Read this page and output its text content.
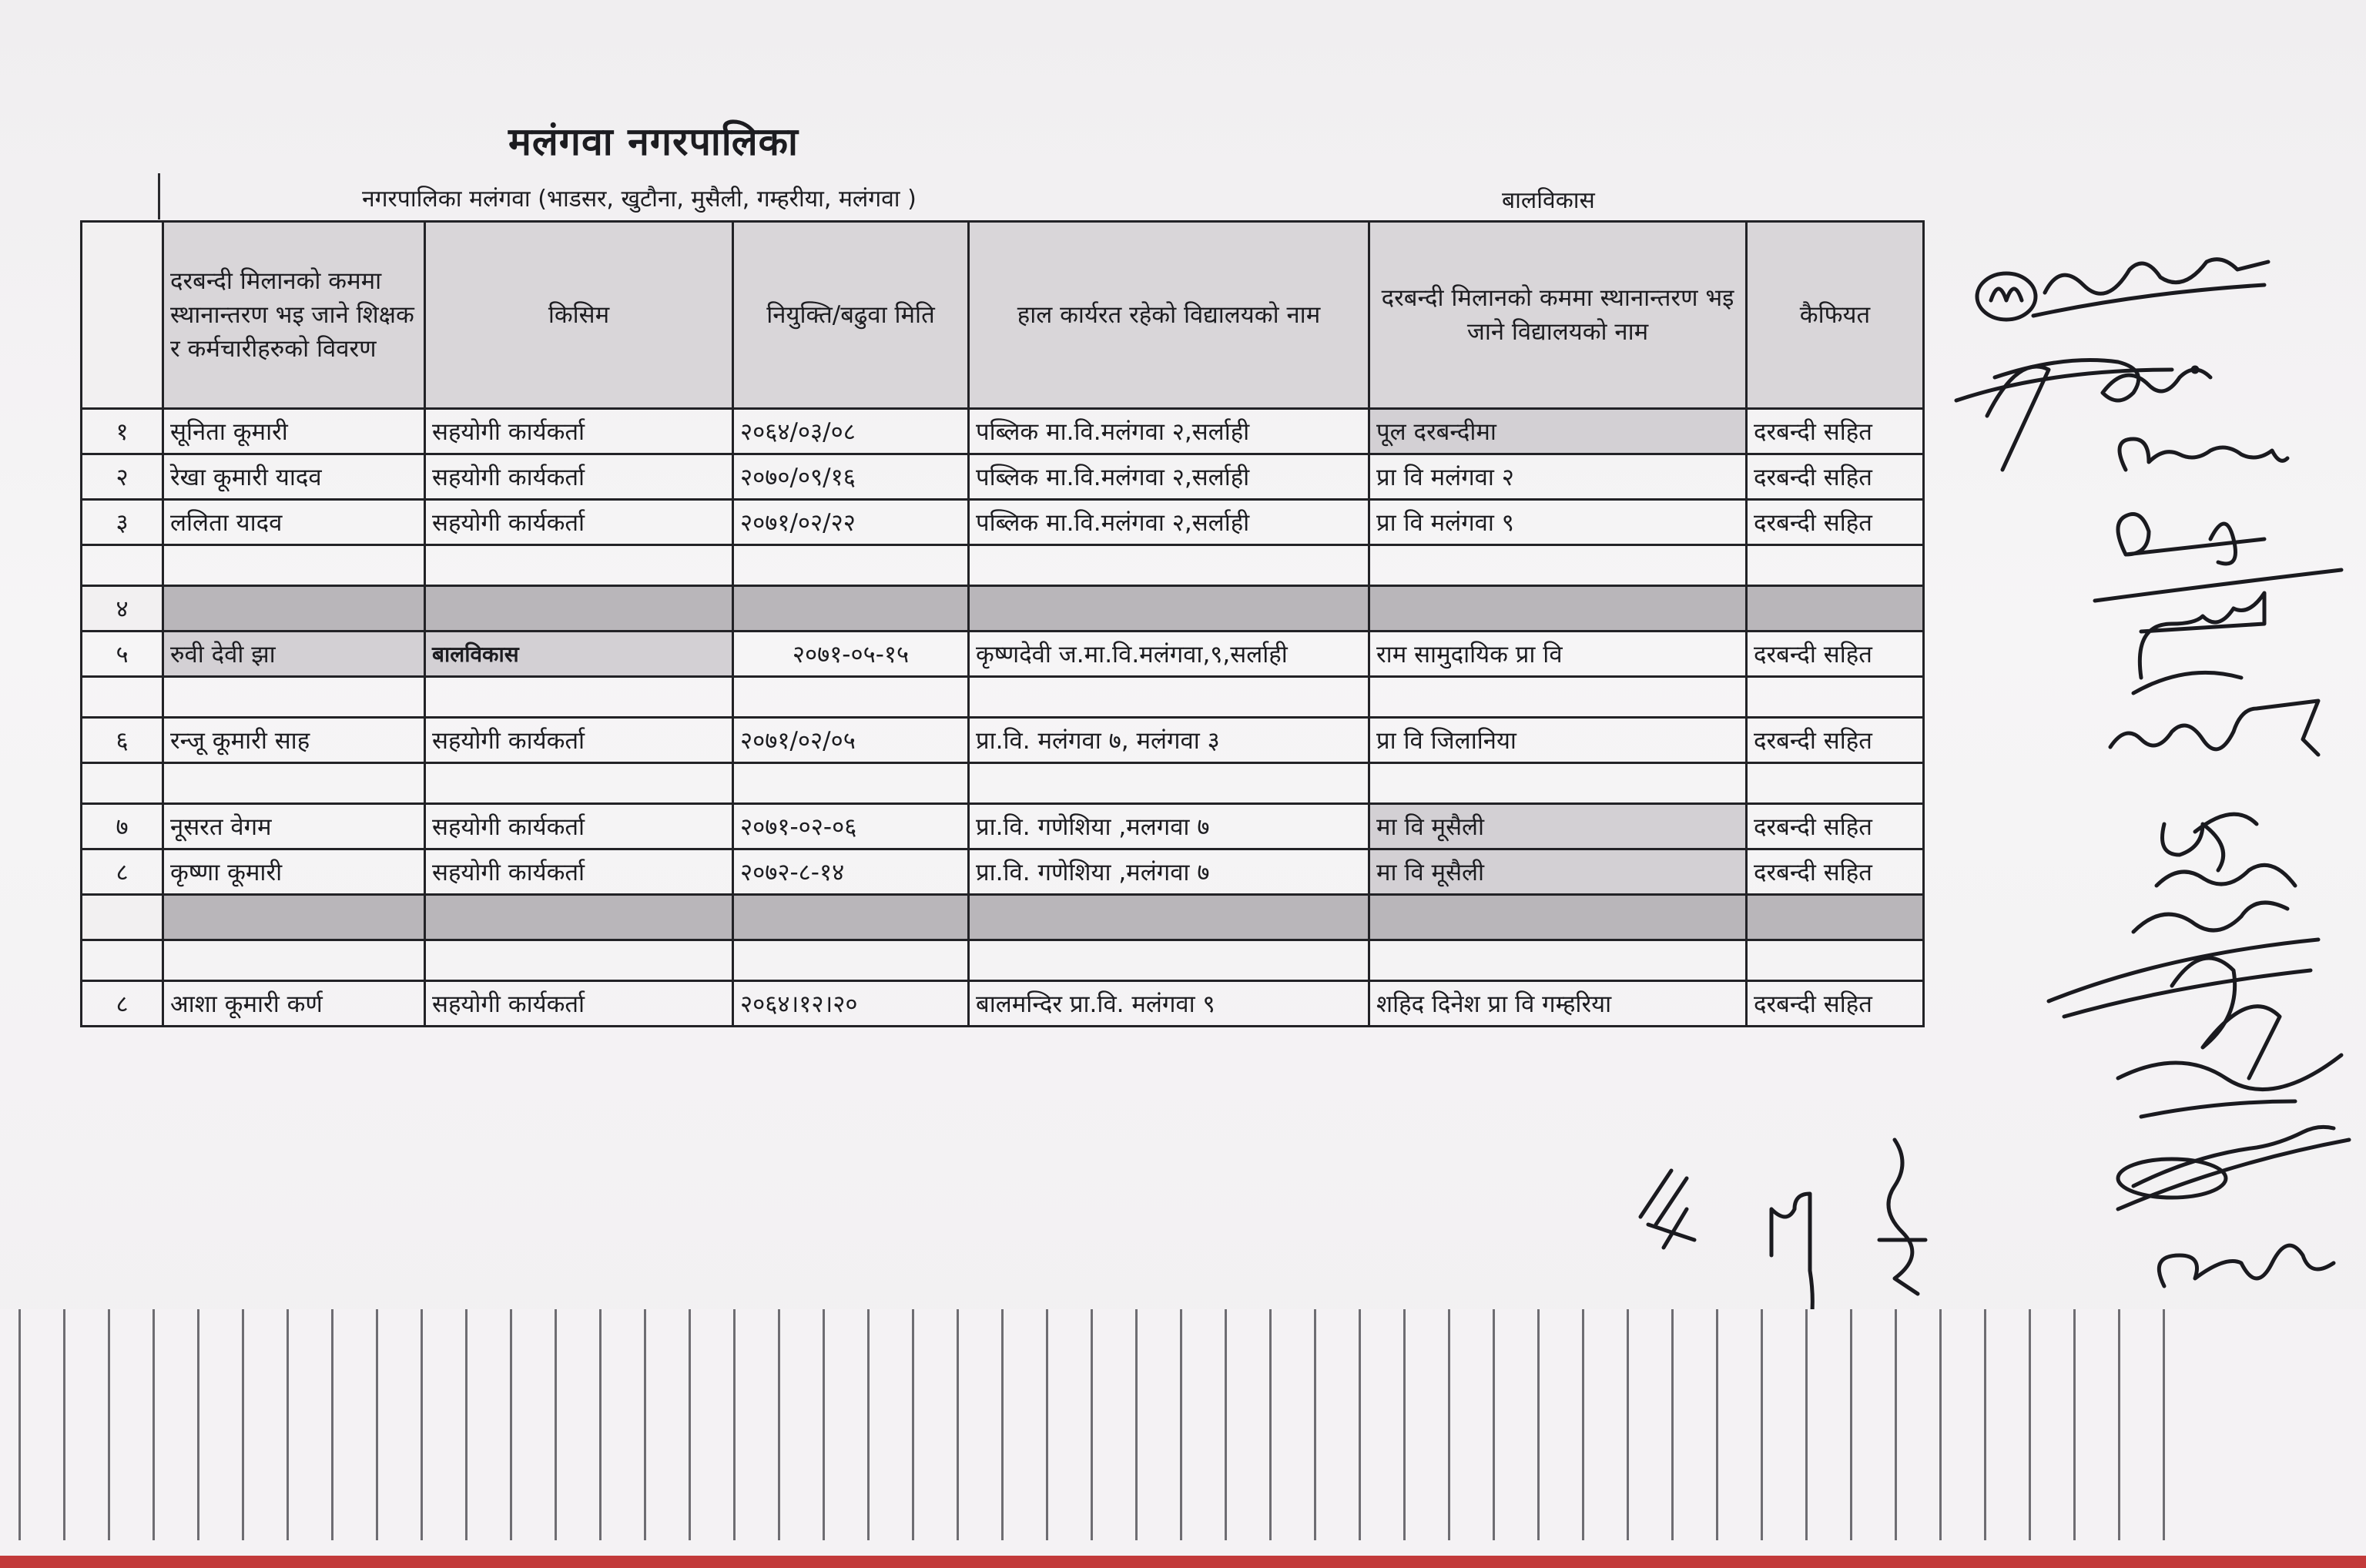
मलंगवा नगरपालिका
नगरपालिका मलंगवा (भाडसर, खुटौना, मुसैली, गम्हरीया, मलंगवा )	बालविकास
	दरबन्दी मिलानको कममा स्थानान्तरण भइ जाने शिक्षक र कर्मचारीहरुको विवरण	किसिम	नियुक्ति/बढुवा मिति	हाल कार्यरत रहेको विद्यालयको नाम	दरबन्दी मिलानको कममा स्थानान्तरण भइ जाने विद्यालयको नाम	कैफियत
१	सूनिता कूमारी	सहयोगी कार्यकर्ता	२०६४/०३/०८	पब्लिक मा.वि.मलंगवा २,सर्लाही	पूल दरबन्दीमा	दरबन्दी सहित
२	रेखा कूमारी यादव	सहयोगी कार्यकर्ता	२०७०/०९/१६	पब्लिक मा.वि.मलंगवा २,सर्लाही	प्रा वि मलंगवा २	दरबन्दी सहित
३	ललिता यादव	सहयोगी कार्यकर्ता	२०७१/०२/२२	पब्लिक मा.वि.मलंगवा २,सर्लाही	प्रा वि मलंगवा ९	दरबन्दी सहित

४						
५	रुवी देवी झा	बालविकास	२०७१-०५-१५	कृष्णदेवी ज.मा.वि.मलंगवा,९,सर्लाही	राम सामुदायिक प्रा वि	दरबन्दी सहित

६	रन्जू कूमारी साह	सहयोगी कार्यकर्ता	२०७१/०२/०५	प्रा.वि. मलंगवा ७, मलंगवा ३	प्रा वि जिलानिया	दरबन्दी सहित

७	नूसरत वेगम	सहयोगी कार्यकर्ता	२०७१-०२-०६	प्रा.वि. गणेशिया ,मलगवा ७	मा वि मूसैली	दरबन्दी सहित
८	कृष्णा कूमारी	सहयोगी कार्यकर्ता	२०७२-८-१४	प्रा.वि. गणेशिया ,मलंगवा ७	मा वि मूसैली	दरबन्दी सहित

८	आशा कूमारी कर्ण	सहयोगी कार्यकर्ता	२०६४।१२।२०	बालमन्दिर प्रा.वि. मलंगवा ९	शहिद दिनेश प्रा वि गम्हरिया	दरबन्दी सहित
